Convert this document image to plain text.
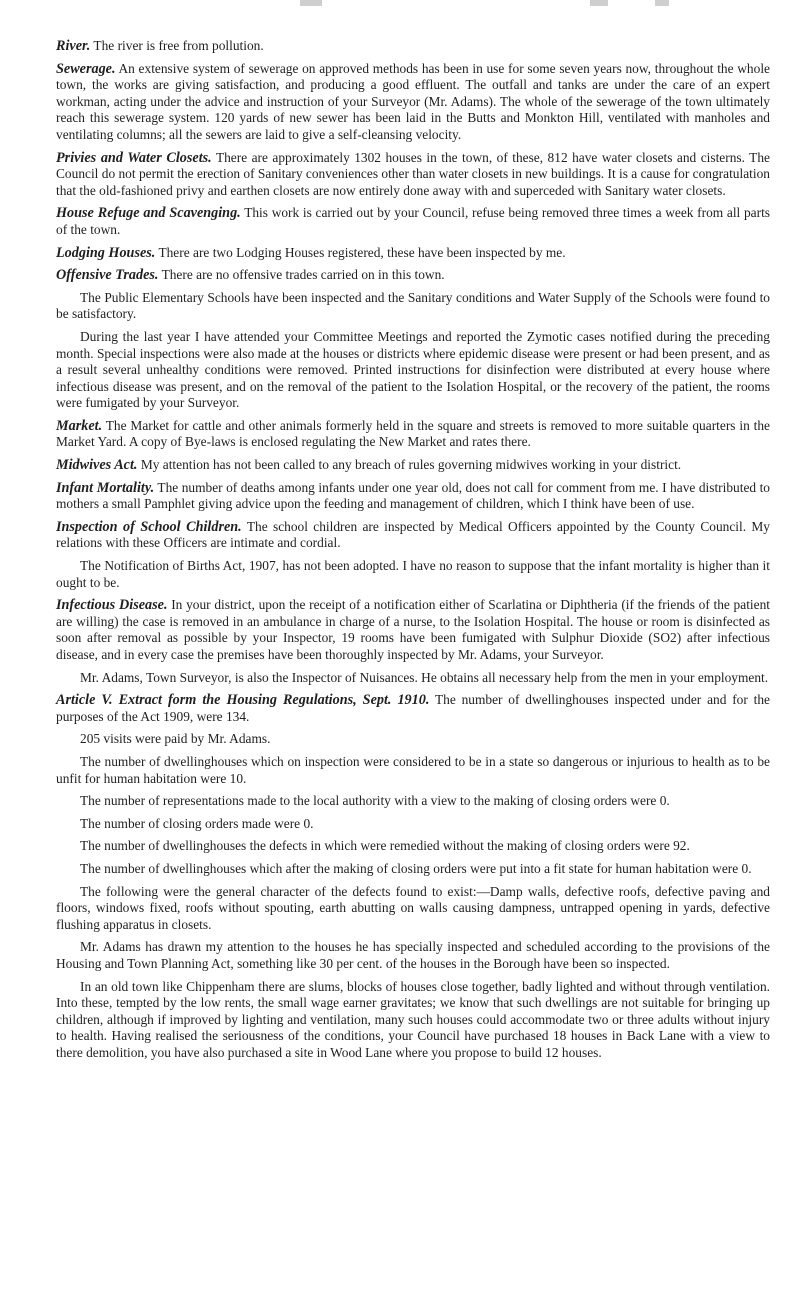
River. The river is free from pollution.

Sewerage. An extensive system of sewerage on approved methods has been in use for some seven years now, throughout the whole town, the works are giving satisfaction, and producing a good effluent. The outfall and tanks are under the care of an expert workman, acting under the advice and instruction of your Surveyor (Mr. Adams). The whole of the sewerage of the town ultimately reach this sewerage system. 120 yards of new sewer has been laid in the Butts and Monkton Hill, ventilated with manholes and ventilating columns; all the sewers are laid to give a self-cleansing velocity.

Privies and Water Closets. There are approximately 1302 houses in the town, of these, 812 have water closets and cisterns. The Council do not permit the erection of Sanitary conveniences other than water closets in new buildings. It is a cause for congratulation that the old-fashioned privy and earthen closets are now entirely done away with and superceded with Sanitary water closets.

House Refuge and Scavenging. This work is carried out by your Council, refuse being removed three times a week from all parts of the town.

Lodging Houses. There are two Lodging Houses registered, these have been inspected by me.

Offensive Trades. There are no offensive trades carried on in this town.

The Public Elementary Schools have been inspected and the Sanitary conditions and Water Supply of the Schools were found to be satisfactory.

During the last year I have attended your Committee Meetings and reported the Zymotic cases notified during the preceding month. Special inspections were also made at the houses or districts where epidemic disease were present or had been present, and as a result several unhealthy conditions were removed. Printed instructions for disinfection were distributed at every house where infectious disease was present, and on the removal of the patient to the Isolation Hospital, or the recovery of the patient, the rooms were fumigated by your Surveyor.

Market. The Market for cattle and other animals formerly held in the square and streets is removed to more suitable quarters in the Market Yard. A copy of Bye-laws is enclosed regulating the New Market and rates there.

Midwives Act. My attention has not been called to any breach of rules governing midwives working in your district.

Infant Mortality. The number of deaths among infants under one year old, does not call for comment from me. I have distributed to mothers a small Pamphlet giving advice upon the feeding and management of children, which I think have been of use.

Inspection of School Children. The school children are inspected by Medical Officers appointed by the County Council. My relations with these Officers are intimate and cordial.

The Notification of Births Act, 1907, has not been adopted. I have no reason to suppose that the infant mortality is higher than it ought to be.

Infectious Disease. In your district, upon the receipt of a notification either of Scarlatina or Diphtheria (if the friends of the patient are willing) the case is removed in an ambulance in charge of a nurse, to the Isolation Hospital. The house or room is disinfected as soon after removal as possible by your Inspector, 19 rooms have been fumigated with Sulphur Dioxide (SO2) after infectious disease, and in every case the premises have been thoroughly inspected by Mr. Adams, your Surveyor.

Mr. Adams, Town Surveyor, is also the Inspector of Nuisances. He obtains all necessary help from the men in your employment.

Article V. Extract form the Housing Regulations, Sept. 1910. The number of dwellinghouses inspected under and for the purposes of the Act 1909, were 134.

205 visits were paid by Mr. Adams.

The number of dwellinghouses which on inspection were considered to be in a state so dangerous or injurious to health as to be unfit for human habitation were 10.

The number of representations made to the local authority with a view to the making of closing orders were 0.

The number of closing orders made were 0.

The number of dwellinghouses the defects in which were remedied without the making of closing orders were 92.

The number of dwellinghouses which after the making of closing orders were put into a fit state for human habitation were 0.

The following were the general character of the defects found to exist:—Damp walls, defective roofs, defective paving and floors, windows fixed, roofs without spouting, earth abutting on walls causing dampness, untrapped opening in yards, defective flushing apparatus in closets.

Mr. Adams has drawn my attention to the houses he has specially inspected and scheduled according to the provisions of the Housing and Town Planning Act, something like 30 per cent. of the houses in the Borough have been so inspected.

In an old town like Chippenham there are slums, blocks of houses close together, badly lighted and without through ventilation. Into these, tempted by the low rents, the small wage earner gravitates; we know that such dwellings are not suitable for bringing up children, although if improved by lighting and ventilation, many such houses could accommodate two or three adults without injury to health. Having realised the seriousness of the conditions, your Council have purchased 18 houses in Back Lane with a view to there demolition, you have also purchased a site in Wood Lane where you propose to build 12 houses.
